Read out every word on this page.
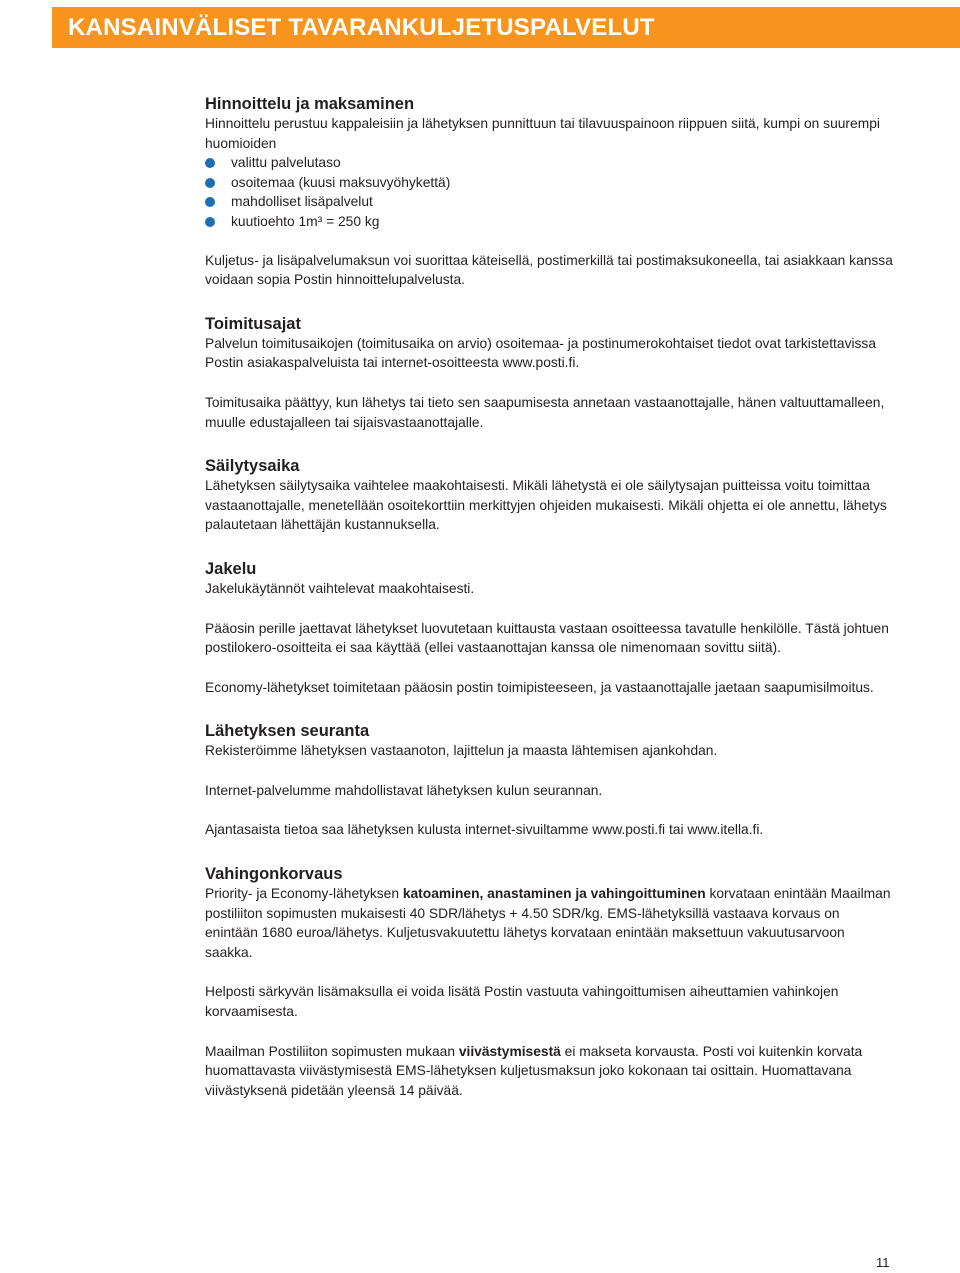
KANSAINVÄLISET TAVARANKULJETUSPALVELUT
Hinnoittelu ja maksaminen

Hinnoittelu perustuu kappaleisiin ja lähetyksen punnittuun tai tilavuuspainoon riippuen siitä, kumpi on suurempi huomioiden

valittu palvelutaso
osoitemaa (kuusi maksuvyöhykettä)
mahdolliset lisäpalvelut
kuutioehto 1m³ = 250 kg

Kuljetus- ja lisäpalvelumaksun voi suorittaa käteisellä, postimerkillä tai postimaksukoneella, tai asiakkaan kanssa voidaan sopia Postin hinnoittelupalvelusta.

Toimitusajat

Palvelun toimitusaikojen (toimitusaika on arvio) osoitemaa- ja postinumerokohtaiset tiedot ovat tarkistettavissa Postin asiakaspalveluista tai internet-osoitteesta www.posti.fi.

Toimitusaika päättyy, kun lähetys tai tieto sen saapumisesta annetaan vastaanottajalle, hänen valtuuttamalleen, muulle edustajalleen tai sijaisvastaanottajalle.

Säilytysaika

Lähetyksen säilytysaika vaihtelee maakohtaisesti. Mikäli lähetystä ei ole säilytysajan puitteissa voitu toimittaa vastaanottajalle, menetellään osoitekorttiin merkittyjen ohjeiden mukaisesti. Mikäli ohjetta ei ole annettu, lähetys palautetaan lähettäjän kustannuksella.

Jakelu

Jakelukäytännöt vaihtelevat maakohtaisesti.

Pääosin perille jaettavat lähetykset luovutetaan kuittausta vastaan osoitteessa tavatulle henkilölle. Tästä johtuen postilokero-osoitteita ei saa käyttää (ellei vastaanottajan kanssa ole nimenomaan sovittu siitä).

Economy-lähetykset toimitetaan pääosin postin toimipisteeseen, ja vastaanottajalle jaetaan saapumisilmoitus.

Lähetyksen seuranta

Rekisteröimme lähetyksen vastaanoton, lajittelun ja maasta lähtemisen ajankohdan.

Internet-palvelumme mahdollistavat lähetyksen kulun seurannan.

Ajantasaista tietoa saa lähetyksen kulusta internet-sivuiltamme www.posti.fi tai www.itella.fi.

Vahingonkorvaus

Priority- ja Economy-lähetyksen katoaminen, anastaminen ja vahingoittuminen korvataan enintään Maailman postiliiton sopimusten mukaisesti 40 SDR/lähetys + 4.50 SDR/kg. EMS-lähetyksillä vastaava korvaus on enintään 1680 euroa/lähetys. Kuljetusvakuutettu lähetys korvataan enintään maksettuun vakuutusarvoon saakka.

Helposti särkyvän lisämaksulla ei voida lisätä Postin vastuuta vahingoittumisen aiheuttamien vahinkojen korvaamisesta.

Maailman Postiliiton sopimusten mukaan viivästymisestä ei makseta korvausta. Posti voi kuitenkin korvata huomattavasta viivästymisestä EMS-lähetyksen kuljetusmaksun joko kokonaan tai osittain. Huomattavana viivästyksenä pidetään yleensä 14 päivää.

11
